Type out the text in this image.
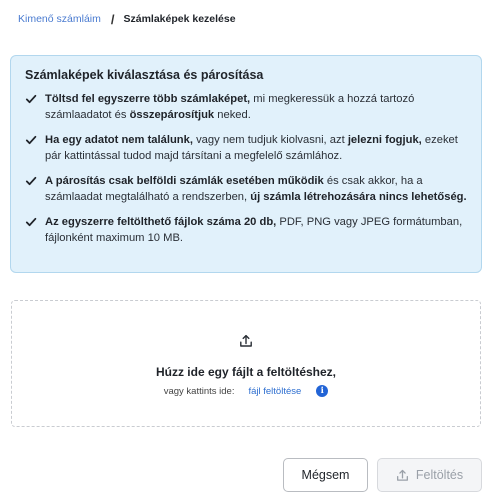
Kimenő számláim / Számlaképek kezelése
Számlaképek kiválasztása és párosítása
Töltsd fel egyszerre több számlaképet, mi megkeressük a hozzá tartozó számlaadatot és összepárosítjuk neked.
Ha egy adatot nem találunk, vagy nem tudjuk kiolvasni, azt jelezni fogjuk, ezeket pár kattintással tudod majd társítani a megfelelő számlához.
A párosítás csak belföldi számlák esetében működik és csak akkor, ha a számlaadat megtalálható a rendszerben, új számla létrehozására nincs lehetőség.
Az egyszerre feltölthető fájlok száma 20 db, PDF, PNG vagy JPEG formátumban, fájlonként maximum 10 MB.
Húzz ide egy fájlt a feltöltéshez,
vagy kattints ide: fájl feltöltése	i
Mégsem	Feltöltés
